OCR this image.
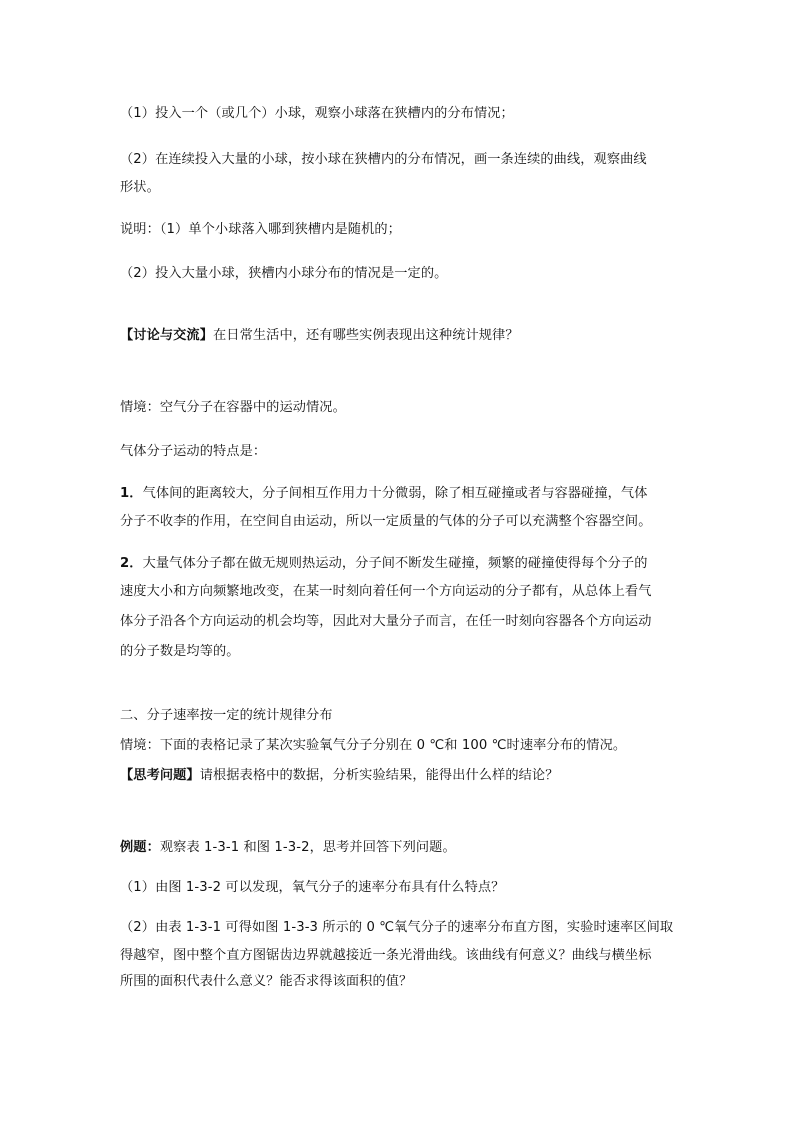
（1）投入一个（或几个）小球，观察小球落在狭槽内的分布情况；
（2）在连续投入大量的小球，按小球在狭槽内的分布情况，画一条连续的曲线，观察曲线
形状。
说明：（1）单个小球落入哪到狭槽内是随机的；
（2）投入大量小球，狭槽内小球分布的情况是一定的。
【讨论与交流】在日常生活中，还有哪些实例表现出这种统计规律？
情境：空气分子在容器中的运动情况。
气体分子运动的特点是：
1．气体间的距离较大，分子间相互作用力十分微弱，除了相互碰撞或者与容器碰撞，气体
分子不收李的作用，在空间自由运动，所以一定质量的气体的分子可以充满整个容器空间。
2．大量气体分子都在做无规则热运动，分子间不断发生碰撞，频繁的碰撞使得每个分子的
速度大小和方向频繁地改变，在某一时刻向着任何一个方向运动的分子都有，从总体上看气
体分子沿各个方向运动的机会均等，因此对大量分子而言，在任一时刻向容器各个方向运动
的分子数是均等的。
二、分子速率按一定的统计规律分布
情境：下面的表格记录了某次实验氧气分子分别在 0 ℃和 100 ℃时速率分布的情况。
【思考问题】请根据表格中的数据，分析实验结果，能得出什么样的结论？
例题：观察表 1-3-1 和图 1-3-2，思考并回答下列问题。
（1）由图 1-3-2 可以发现，氧气分子的速率分布具有什么特点？
（2）由表 1-3-1 可得如图 1-3-3 所示的 0 ℃氧气分子的速率分布直方图，实验时速率区间取
得越窄，图中整个直方图锯齿边界就越接近一条光滑曲线。该曲线有何意义？曲线与横坐标
所围的面积代表什么意义？能否求得该面积的值？
